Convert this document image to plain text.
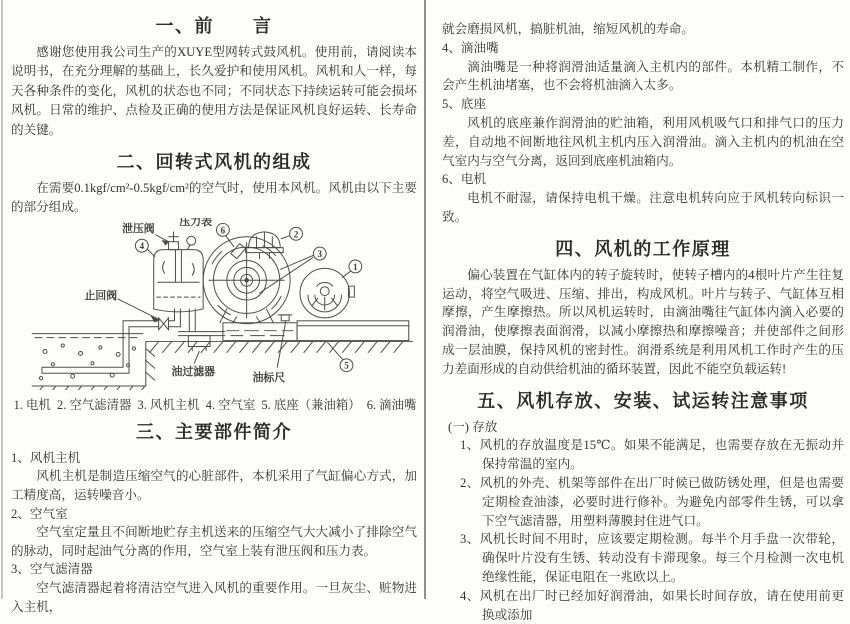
一、前　　言

感谢您使用我公司生产的XUYE型网转式鼓风机。使用前，请阅读本说明书，在充分理解的基础上，长久爱护和使用风机。风机和人一样，每天各种条件的变化，风机的状态也不同；不同状态下持续运转可能会损坏风机。日常的维护、点检及正确的使用方法是保证风机良好运转、长寿命的关键。

二、回转式风机的组成

在需要0.1kgf/cm²-0.5kgf/cm²的空气时，使用本风机。风机由以下主要的部分组成。

泄压阀
压力表
止回阀
油过滤器	油标尺
4
2
6
3
1
5
1. 电机  2. 空气滤清器  3. 风机主机  4. 空气室  5. 底座（兼油箱）  6. 滴油嘴
三、主要部件简介

1、风机主机

风机主机是制造压缩空气的心脏部件，本机采用了气缸偏心方式，加工精度高，运转噪音小。

2、空气室

空气室定量且不间断地贮存主机送来的压缩空气大大减小了排除空气的脉动，同时起油气分离的作用，空气室上装有泄压阀和压力表。

3、空气滤清器

空气滤清器起着将清洁空气进入风机的重要作用。一旦灰尘、赃物进入主机，

就会磨损风机，搞脏机油，缩短风机的寿命。

4、滴油嘴

滴油嘴是一种将润滑油适量滴入主机内的部件。本机精工制作，不会产生机油堵塞，也不会将机油滴入太多。

5、底座

风机的底座兼作润滑油的贮油箱，利用风机吸气口和排气口的压力差，自动地不间断地往风机主机内压入润滑油。滴入主机内的机油在空气室内与空气分离，返回到底座机油箱内。

6、电机

电机不耐湿，请保持电机干燥。注意电机转向应于风机转向标识一致。

四、风机的工作原理

偏心装置在气缸体内的转子旋转时，使转子槽内的4根叶片产生往复运动，将空气吸进、压缩、排出，构成风机。叶片与转子、气缸体互相摩擦，产生摩擦热。所以风机运转时，由滴油嘴往气缸体内滴入必要的润滑油，使摩擦表面润滑，以减小摩擦热和摩擦噪音；并使部件之间形成一层油膜，保持风机的密封性。润滑系统是利用风机工作时产生的压力差面形成的自动供给机油的循环装置，因此不能空负载运转!

五、风机存放、安装、试运转注意事项

(一) 存放

1、风机的存放温度是15℃。如果不能满足，也需要存放在无振动并保持常温的室内。

2、风机的外壳、机架等部件在出厂时候已做防锈处理，但是也需要定期检查油漆，必要时进行修补。为避免内部零件生锈，可以拿下空气滤清器，用塑料薄膜封住进气口。

3、风机长时间不用时，应该要定期检测。每半个月手盘一次带轮，确保叶片没有生锈、转动没有卡滞现象。每三个月检测一次电机绝缘性能，保证电阻在一兆欧以上。

4、风机在出厂时已经加好润滑油，如果长时间存放，请在使用前更换或添加
